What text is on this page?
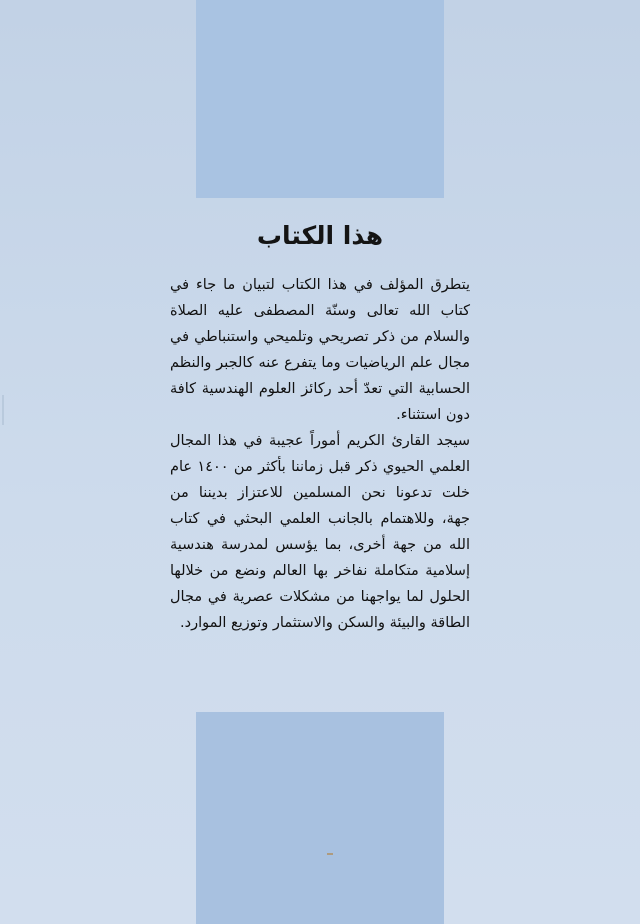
هذا الكتاب

يتطرق المؤلف في هذا الكتاب لتبيان ما جاء في كتاب الله تعالى وسنّة المصطفى عليه الصلاة والسلام من ذكر تصريحي وتلميحي واستنباطي في مجال علم الرياضيات وما يتفرع عنه كالجبر والنظم الحسابية التي تعدّ أحد ركائز العلوم الهندسية كافة دون استثناء.

سيجد القارئ الكريم أموراً عجيبة في هذا المجال العلمي الحيوي ذكر قبل زماننا بأكثر من ١٤٠٠ عام خلت تدعونا نحن المسلمين للاعتزاز بديننا من جهة، وللاهتمام بالجانب العلمي البحثي في كتاب الله من جهة أخرى، بما يؤسس لمدرسة هندسية إسلامية متكاملة نفاخر بها العالم ونضع من خلالها الحلول لما يواجهنا من مشكلات عصرية في مجال الطاقة والبيئة والسكن والاستثمار وتوزيع الموارد.
